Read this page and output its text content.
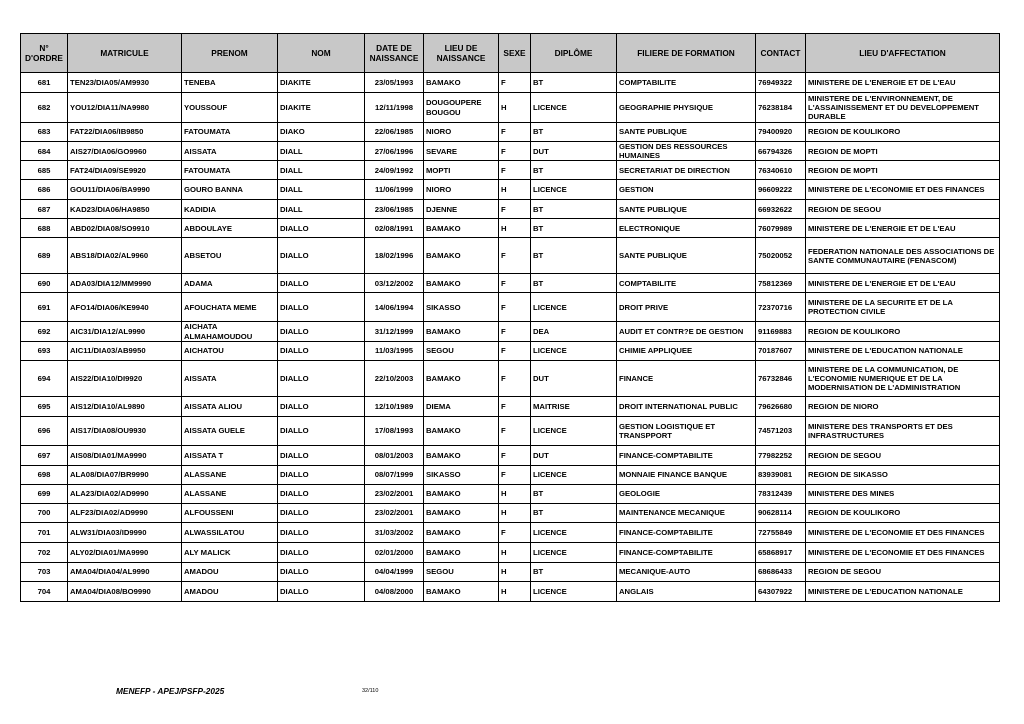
N° D'ORDRE	MATRICULE	PRENOM	NOM	DATE DE NAISSANCE	LIEU DE NAISSANCE	SEXE	DIPLÔME	FILIERE DE FORMATION	CONTACT	LIEU D'AFFECTATION
681	TEN23/DIA05/AM9930	TENEBA	DIAKITE	23/05/1993	BAMAKO	F	BT	COMPTABILITE	76949322	MINISTERE DE L'ENERGIE ET DE L'EAU
682	YOU12/DIA11/NA9980	YOUSSOUF	DIAKITE	12/11/1998	DOUGOUPERE BOUGOU	H	LICENCE	GEOGRAPHIE PHYSIQUE	76238184	MINISTERE DE L'ENVIRONNEMENT, DE L'ASSAINISSEMENT ET DU DEVELOPPEMENT DURABLE
683	FAT22/DIA06/IB9850	FATOUMATA	DIAKO	22/06/1985	NIORO	F	BT	SANTE PUBLIQUE	79400920	REGION DE KOULIKORO
684	AIS27/DIA06/GO9960	AISSATA	DIALL	27/06/1996	SEVARE	F	DUT	GESTION DES RESSOURCES HUMAINES	66794326	REGION DE MOPTI
685	FAT24/DIA09/SE9920	FATOUMATA	DIALL	24/09/1992	MOPTI	F	BT	SECRETARIAT DE DIRECTION	76340610	REGION DE MOPTI
686	GOU11/DIA06/BA9990	GOURO BANNA	DIALL	11/06/1999	NIORO	H	LICENCE	GESTION	96609222	MINISTERE DE L'ECONOMIE ET DES FINANCES
687	KAD23/DIA06/HA9850	KADIDIA	DIALL	23/06/1985	DJENNE	F	BT	SANTE PUBLIQUE	66932622	REGION DE SEGOU
688	ABD02/DIA08/SO9910	ABDOULAYE	DIALLO	02/08/1991	BAMAKO	H	BT	ELECTRONIQUE	76079989	MINISTERE DE L'ENERGIE ET DE L'EAU
689	ABS18/DIA02/AL9960	ABSETOU	DIALLO	18/02/1996	BAMAKO	F	BT	SANTE PUBLIQUE	75020052	FEDERATION NATIONALE DES ASSOCIATIONS DE SANTE COMMUNAUTAIRE (FENASCOM)
690	ADA03/DIA12/MM9990	ADAMA	DIALLO	03/12/2002	BAMAKO	F	BT	COMPTABILITE	75812369	MINISTERE DE L'ENERGIE ET DE L'EAU
691	AFO14/DIA06/KE9940	AFOUCHATA MEME	DIALLO	14/06/1994	SIKASSO	F	LICENCE	DROIT PRIVE	72370716	MINISTERE DE LA SECURITE ET DE LA PROTECTION CIVILE
692	AIC31/DIA12/AL9990	AICHATA ALMAHAMOUDOU	DIALLO	31/12/1999	BAMAKO	F	DEA	AUDIT ET CONTR?E DE GESTION	91169883	REGION DE KOULIKORO
693	AIC11/DIA03/AB9950	AICHATOU	DIALLO	11/03/1995	SEGOU	F	LICENCE	CHIMIE APPLIQUEE	70187607	MINISTERE DE L'EDUCATION NATIONALE
694	AIS22/DIA10/DI9920	AISSATA	DIALLO	22/10/2003	BAMAKO	F	DUT	FINANCE	76732846	MINISTERE DE LA COMMUNICATION, DE L'ECONOMIE NUMERIQUE ET DE LA MODERNISATION DE L'ADMINISTRATION
695	AIS12/DIA10/AL9890	AISSATA ALIOU	DIALLO	12/10/1989	DIEMA	F	MAITRISE	DROIT INTERNATIONAL PUBLIC	79626680	REGION DE NIORO
696	AIS17/DIA08/OU9930	AISSATA GUELE	DIALLO	17/08/1993	BAMAKO	F	LICENCE	GESTION LOGISTIQUE ET TRANSPPORT	74571203	MINISTERE DES TRANSPORTS ET DES INFRASTRUCTURES
697	AIS08/DIA01/MA9990	AISSATA T	DIALLO	08/01/2003	BAMAKO	F	DUT	FINANCE-COMPTABILITE	77982252	REGION DE SEGOU
698	ALA08/DIA07/BR9990	ALASSANE	DIALLO	08/07/1999	SIKASSO	F	LICENCE	MONNAIE FINANCE BANQUE	83939081	REGION DE SIKASSO
699	ALA23/DIA02/AD9990	ALASSANE	DIALLO	23/02/2001	BAMAKO	H	BT	GEOLOGIE	78312439	MINISTERE DES MINES
700	ALF23/DIA02/AD9990	ALFOUSSENI	DIALLO	23/02/2001	BAMAKO	H	BT	MAINTENANCE MECANIQUE	90628114	REGION DE KOULIKORO
701	ALW31/DIA03/ID9990	ALWASSILATOU	DIALLO	31/03/2002	BAMAKO	F	LICENCE	FINANCE-COMPTABILITE	72755849	MINISTERE DE L'ECONOMIE ET DES FINANCES
702	ALY02/DIA01/MA9990	ALY MALICK	DIALLO	02/01/2000	BAMAKO	H	LICENCE	FINANCE-COMPTABILITE	65868917	MINISTERE DE L'ECONOMIE ET DES FINANCES
703	AMA04/DIA04/AL9990	AMADOU	DIALLO	04/04/1999	SEGOU	H	BT	MECANIQUE-AUTO	68686433	REGION DE SEGOU
704	AMA04/DIA08/BO9990	AMADOU	DIALLO	04/08/2000	BAMAKO	H	LICENCE	ANGLAIS	64307922	MINISTERE DE L'EDUCATION NATIONALE
MENEFP - APEJ/PSFP-2025	32/110
